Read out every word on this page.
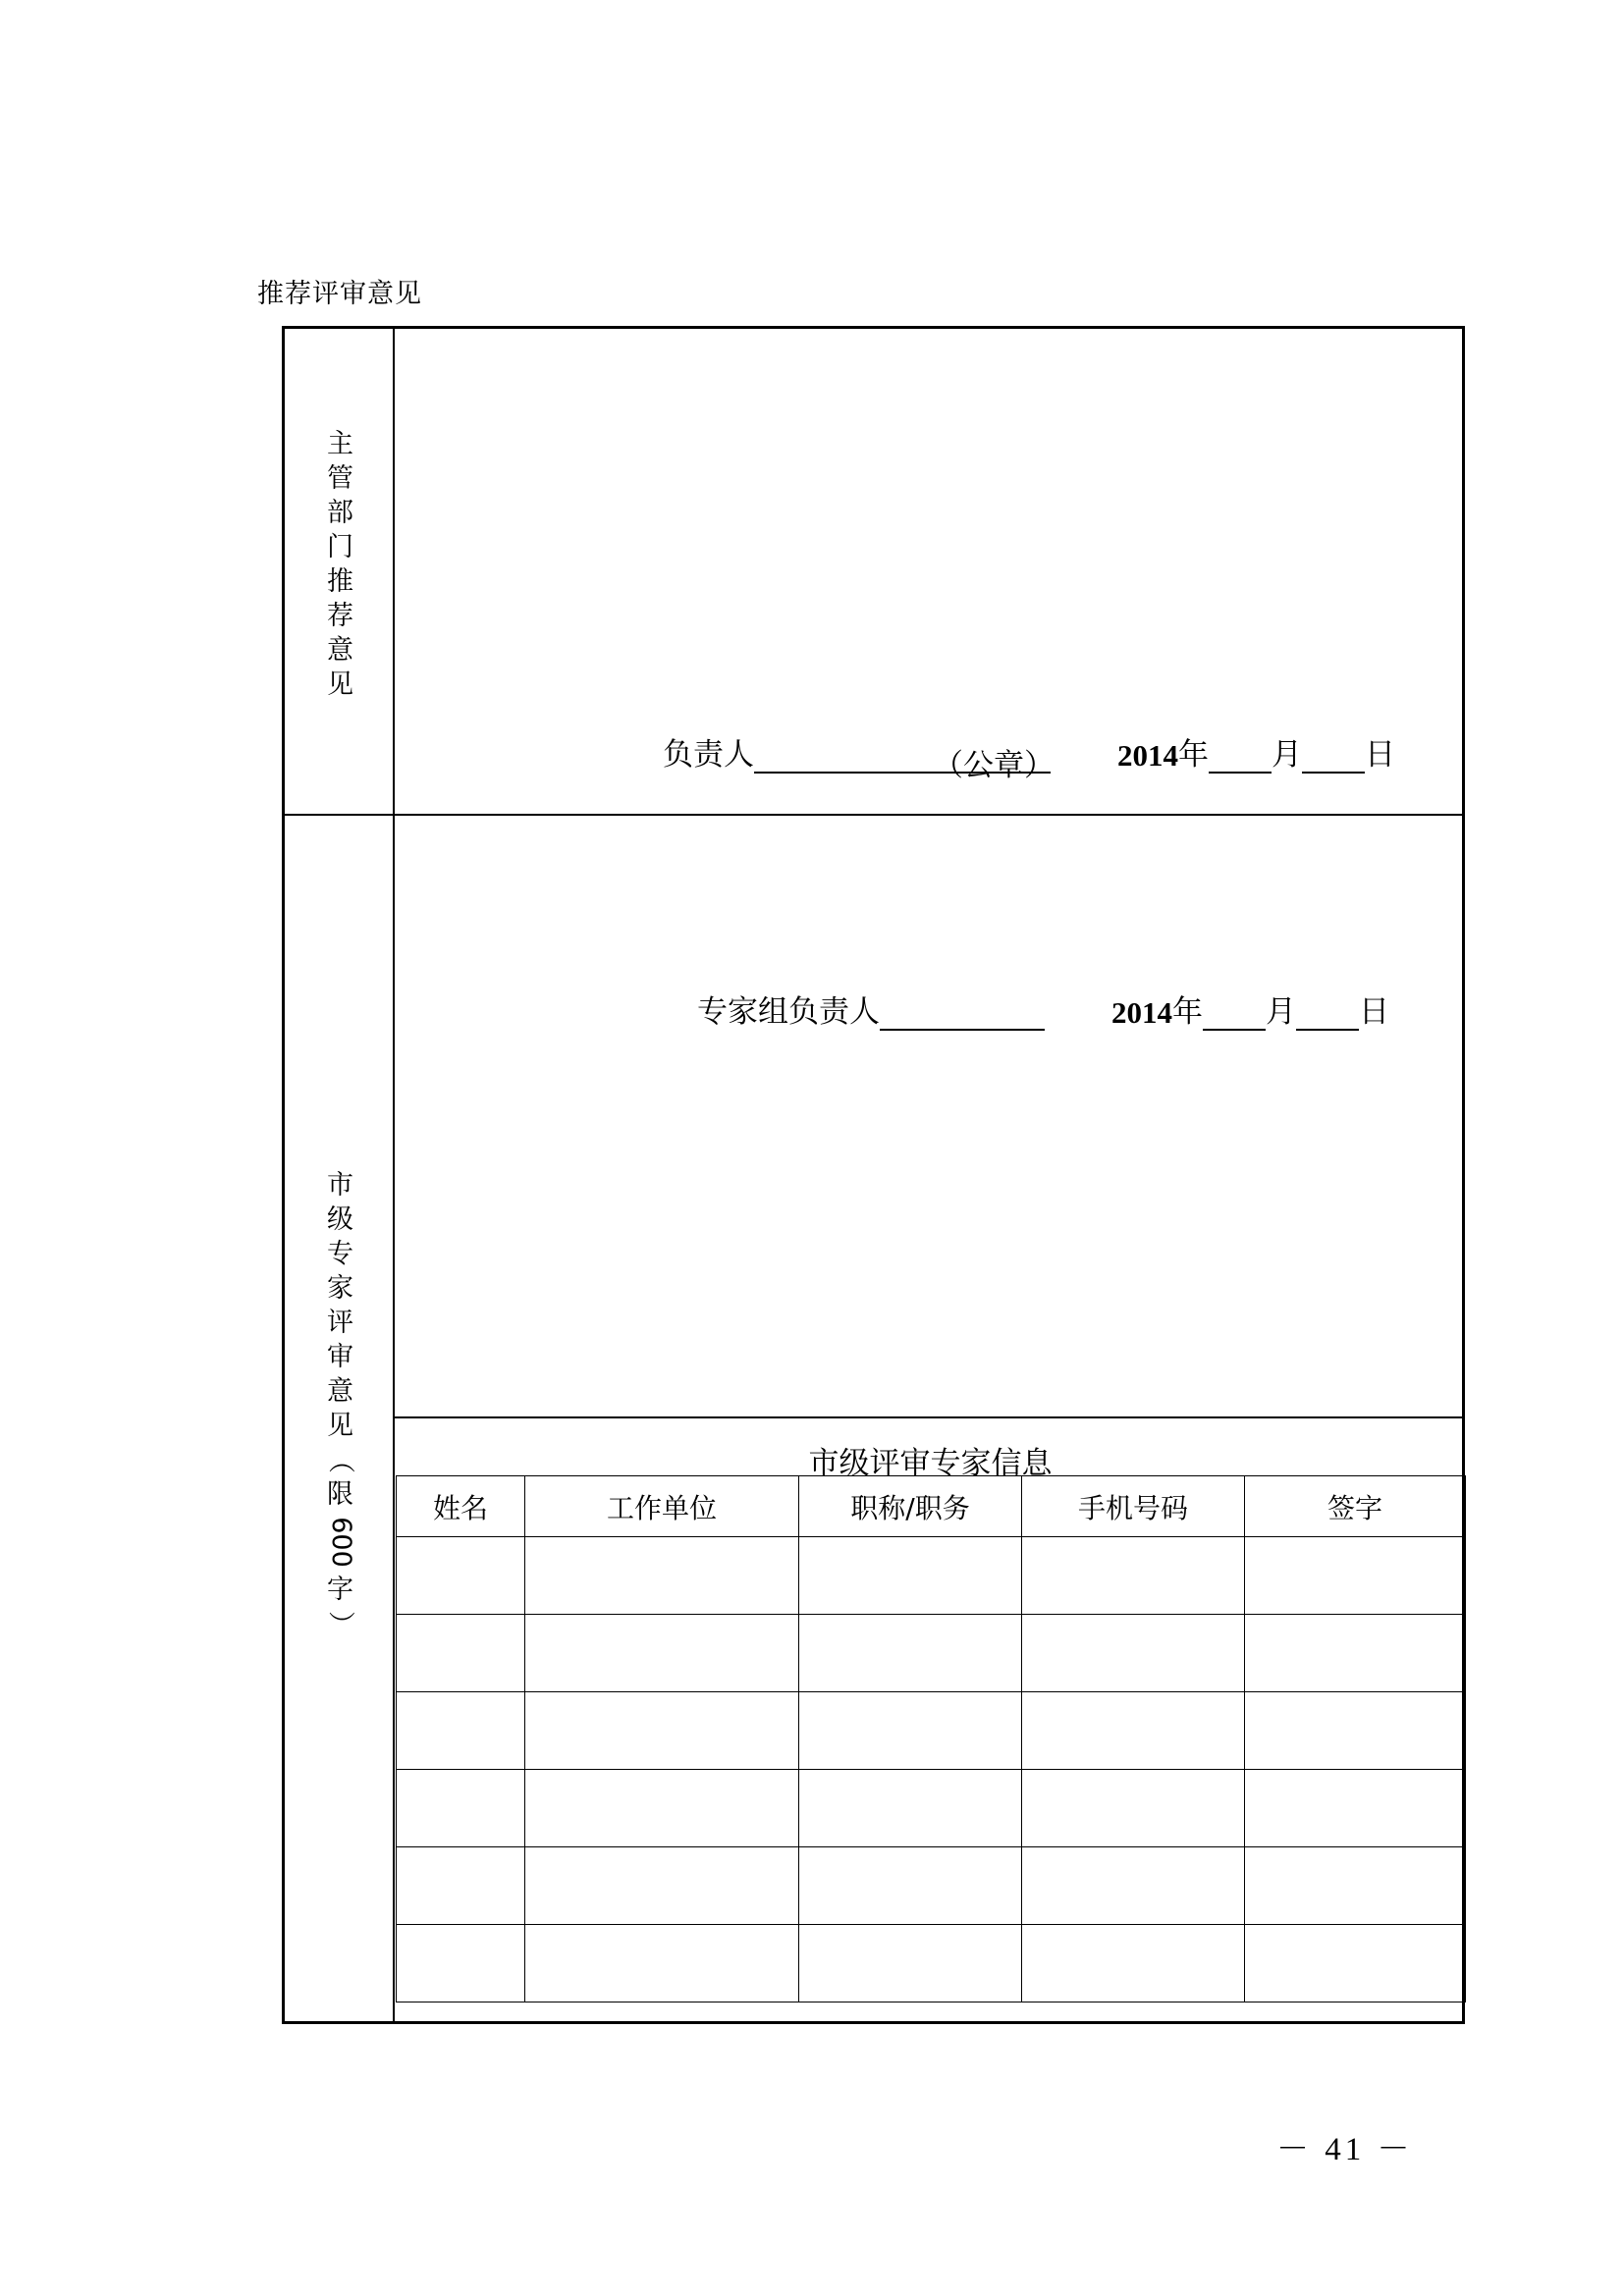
推荐评审意见
主
管
部
门
推
荐
意
见
负责人	（公章） 2014 年 月 日
市
级
专
家
评
审
意
见
（
限
600
字
）
专家组负责人	2014 年 月 日
市级评审专家信息
姓名	工作单位	职称/职务	手机号码	签字

－ 41 －
